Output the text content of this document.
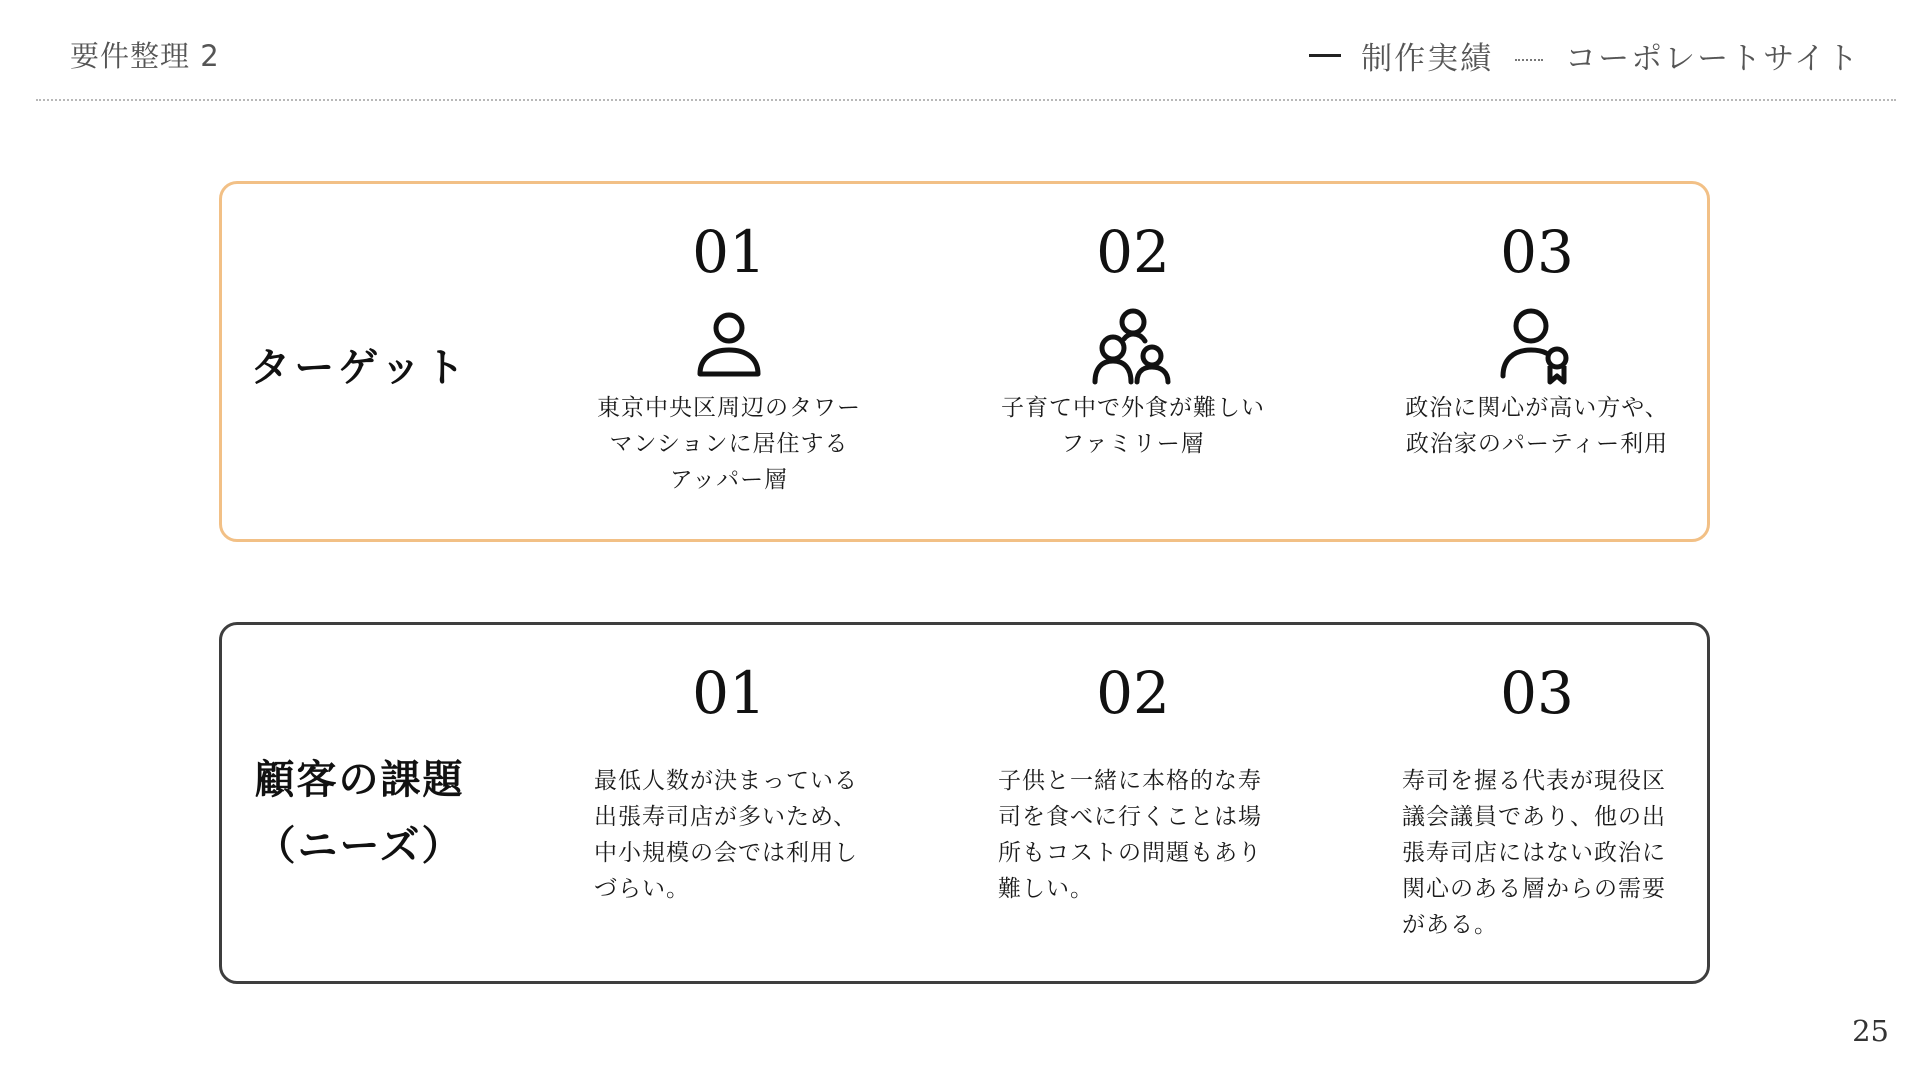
要件整理 2	制作実績 コーポレートサイト
ターゲット
01
東京中央区周辺のタワー
マンションに居住する
アッパー層
02
子育て中で外食が難しい
ファミリー層
03
政治に関心が高い方や、
政治家のパーティー利用
顧客の課題
（ニーズ）
01
最低人数が決まっている
出張寿司店が多いため、
中小規模の会では利用し
づらい。
02
子供と一緒に本格的な寿
司を食べに行くことは場
所もコストの問題もあり
難しい。
03
寿司を握る代表が現役区
議会議員であり、他の出
張寿司店にはない政治に
関心のある層からの需要
がある。
25
